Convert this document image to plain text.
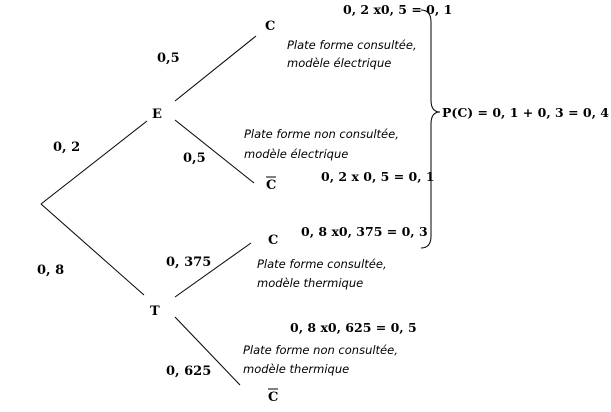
E
T
C
C
C
C
0, 2
0, 8
0,5
0,5
0, 375
0, 625
0, 2 x0, 5 = 0, 1
0, 2 x 0, 5 = 0, 1
0, 8 x0, 375 = 0, 3
0, 8 x0, 625 = 0, 5
Plate forme consultée,
modèle électrique
Plate forme non consultée,
modèle électrique
Plate forme consultée,
modèle thermique
Plate forme non consultée,
modèle thermique
P(C) = 0, 1 + 0, 3 = 0, 4
